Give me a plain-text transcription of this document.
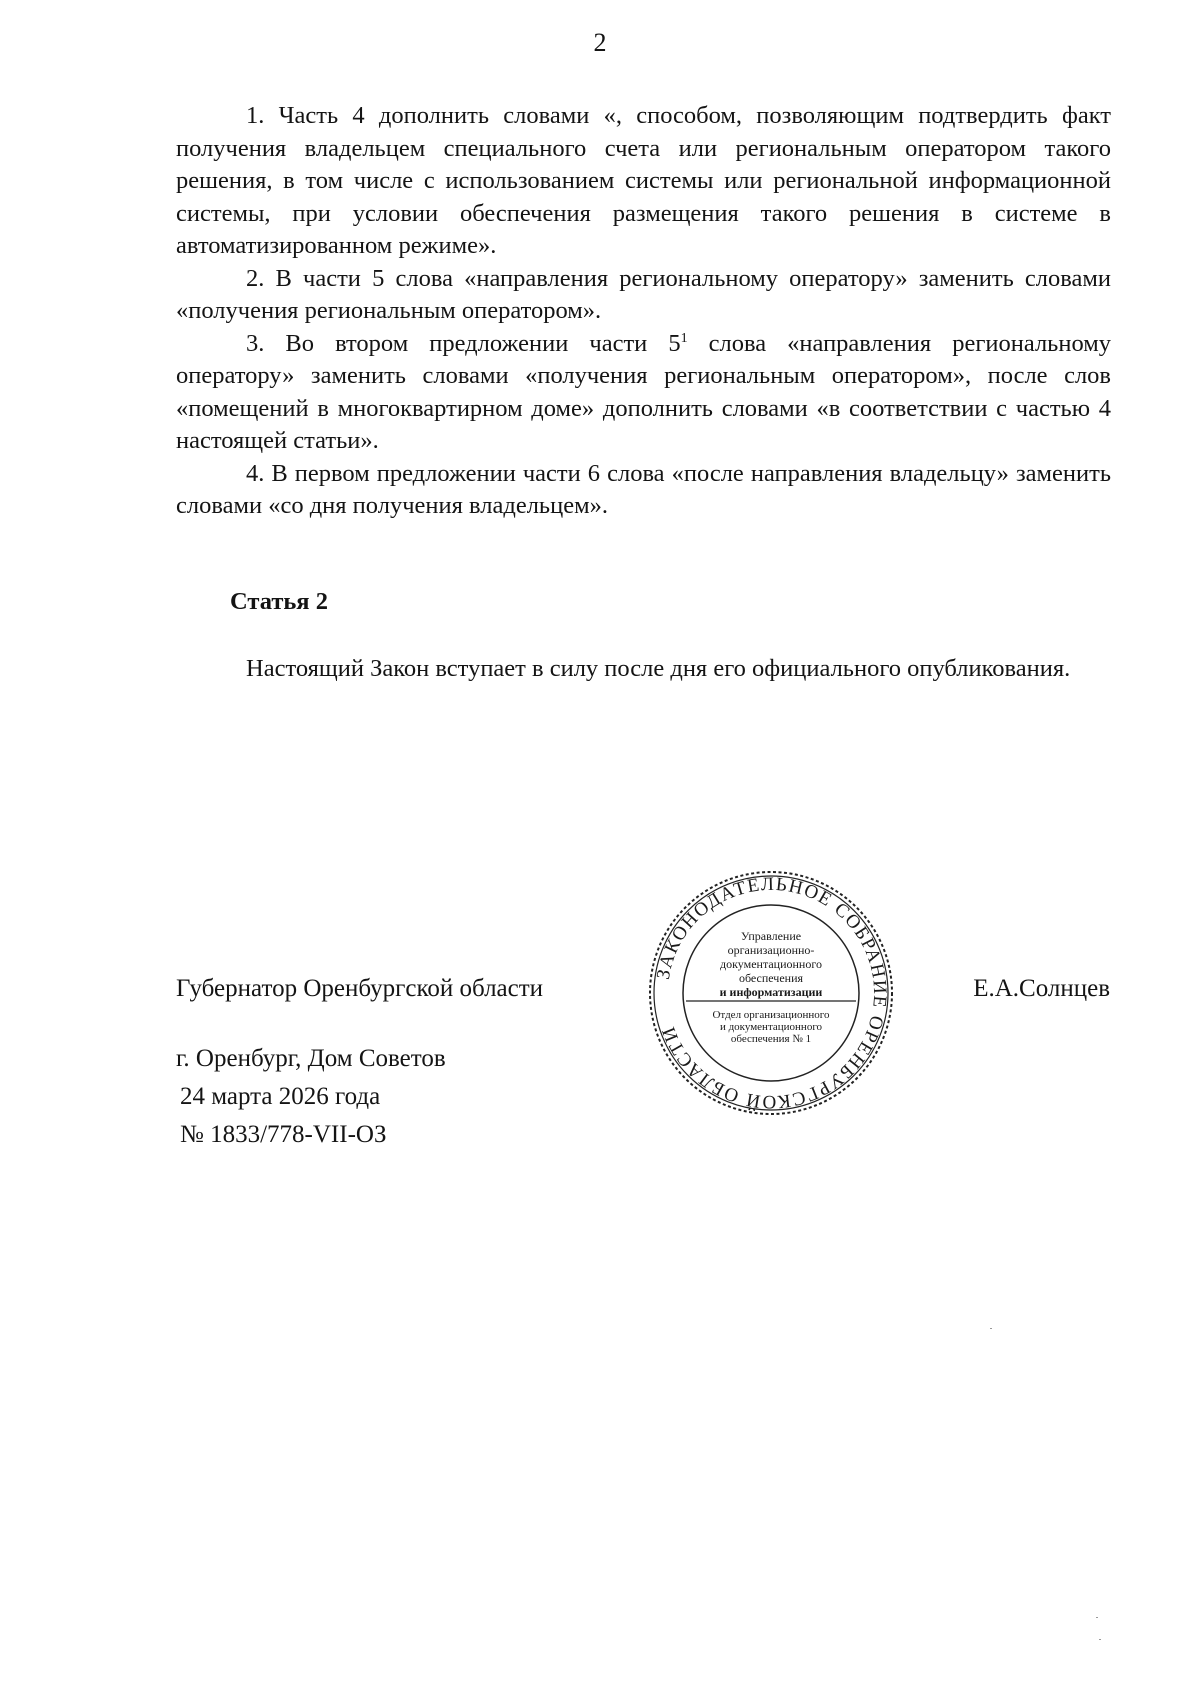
2

1. Часть 4 дополнить словами «, способом, позволяющим подтвердить факт получения владельцем специального счета или региональным оператором такого решения, в том числе с использованием системы или региональной информационной системы, при условии обеспечения размещения такого решения в системе в автоматизированном режиме».

2. В части 5 слова «направления региональному оператору» заменить словами «получения региональным оператором».

3. Во втором предложении части $5^1$ слова «направления региональному оператору» заменить словами «получения региональным оператором», после слов «помещений в многоквартирном доме» дополнить словами «в соответствии с частью 4 настоящей статьи».

4. В первом предложении части 6 слова «после направления владельцу» заменить словами «со дня получения владельцем».

Статья 2

Настоящий Закон вступает в силу после дня его официального опубликования.

Губернатор Оренбургской области	Е.А.Солнцев
г. Оренбург, Дом Советов
24 марта 2026 года
№ 1833/778-VII-ОЗ
ЗАКОНОДАТЕЛЬНОЕ СОБРАНИЕ ОРЕНБУРГСКОЙ ОБЛАСТИ
Управление
организационно-
документационного
обеспечения
и информатизации
Отдел организационного
и документационного
обеспечения № 1
